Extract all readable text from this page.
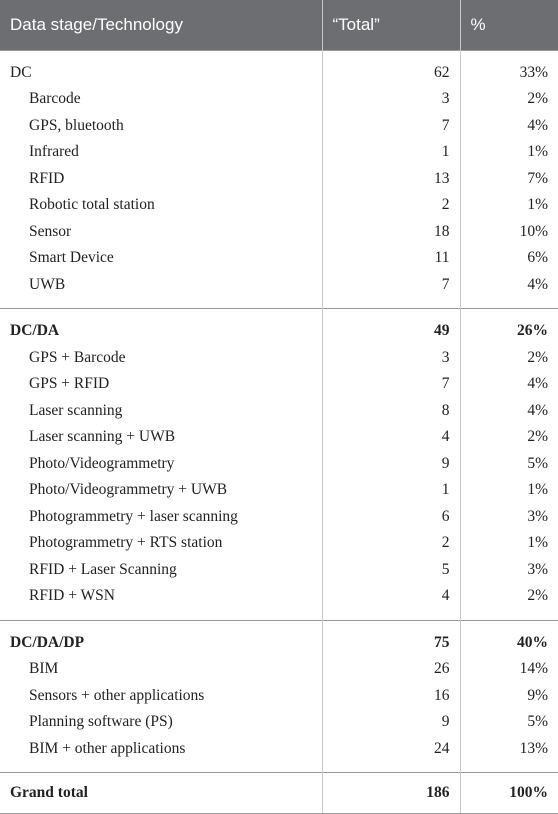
Data stage/Technology	“Total”	%
DC	62	33%
Barcode	3	2%
GPS, bluetooth	7	4%
Infrared	1	1%
RFID	13	7%
Robotic total station	2	1%
Sensor	18	10%
Smart Device	11	6%
UWB	7	4%
DC/DA	49	26%
GPS + Barcode	3	2%
GPS + RFID	7	4%
Laser scanning	8	4%
Laser scanning + UWB	4	2%
Photo/Videogrammetry	9	5%
Photo/Videogrammetry + UWB	1	1%
Photogrammetry + laser scanning	6	3%
Photogrammetry + RTS station	2	1%
RFID + Laser Scanning	5	3%
RFID + WSN	4	2%
DC/DA/DP	75	40%
BIM	26	14%
Sensors + other applications	16	9%
Planning software (PS)	9	5%
BIM + other applications	24	13%
Grand total	186	100%
